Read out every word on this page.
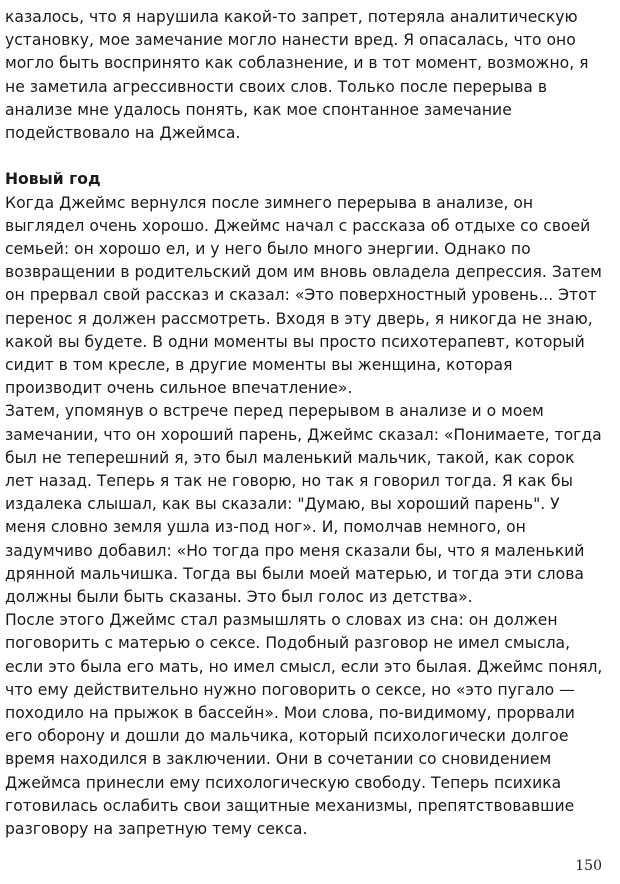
казалось, что я нарушила какой-то запрет, потеряла аналитическую установку, мое замечание могло нанести вред. Я опасалась, что оно могло быть воспринято как соблазнение, и в тот момент, возможно, я не заметила агрессивности своих слов. Только после перерыва в анализе мне удалось понять, как мое спонтанное замечание подействовало на Джеймса.

Новый год

Когда Джеймс вернулся после зимнего перерыва в анализе, он выглядел очень хорошо. Джеймс начал с рассказа об отдыхе со своей семьей: он хорошо ел, и у него было много энергии. Однако по возвращении в родительский дом им вновь овладела депрессия. Затем он прервал свой рассказ и сказал: «Это поверхностный уровень... Этот перенос я должен рассмотреть. Входя в эту дверь, я никогда не знаю, какой вы будете. В одни моменты вы просто психотерапевт, который сидит в том кресле, в другие моменты вы женщина, которая производит очень сильное впечатление».

Затем, упомянув о встрече перед перерывом в анализе и о моем замечании, что он хороший парень, Джеймс сказал: «Понимаете, тогда был не теперешний я, это был маленький мальчик, такой, как сорок лет назад. Теперь я так не говорю, но так я говорил тогда. Я как бы издалека слышал, как вы сказали: "Думаю, вы хороший парень". У меня словно земля ушла из-под ног». И, помолчав немного, он задумчиво добавил: «Но тогда про меня сказали бы, что я маленький дрянной мальчишка. Тогда вы были моей матерью, и тогда эти слова должны были быть сказаны. Это был голос из детства».

После этого Джеймс стал размышлять о словах из сна: он должен поговорить с матерью о сексе. Подобный разговор не имел смысла, если это была его мать, но имел смысл, если это былая. Джеймс понял, что ему действительно нужно поговорить о сексе, но «это пугало — походило на прыжок в бассейн». Мои слова, по-видимому, прорвали его оборону и дошли до мальчика, который психологически долгое время находился в заключении. Они в сочетании со сновидением Джеймса принесли ему психологическую свободу. Теперь психика готовилась ослабить свои защитные механизмы, препятствовавшие разговору на запретную тему секса.

150
